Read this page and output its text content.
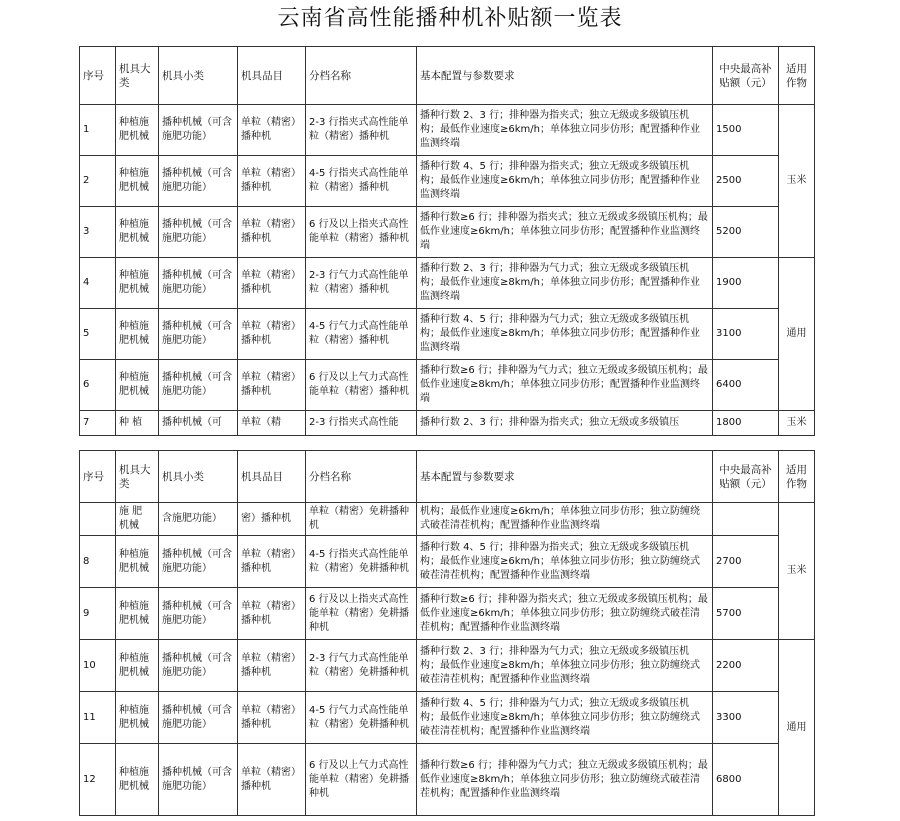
云南省高性能播种机补贴额一览表
序号	机具大类	机具小类	机具品目	分档名称	基本配置与参数要求	中央最高补贴额（元）	适用作物
1	种植施肥机械	播种机械（可含施肥功能）	单粒（精密）播种机	2-3 行指夹式高性能单粒（精密）播种机	播种行数 2、3 行；排种器为指夹式；独立无级或多级镇压机构；最低作业速度≥6km/h；单体独立同步仿形；配置播种作业监测终端	1500	玉米
2	种植施肥机械	播种机械（可含施肥功能）	单粒（精密）播种机	4-5 行指夹式高性能单粒（精密）播种机	播种行数 4、5 行；排种器为指夹式；独立无级或多级镇压机构；最低作业速度≥6km/h；单体独立同步仿形；配置播种作业监测终端	2500	
3	种植施肥机械	播种机械（可含施肥功能）	单粒（精密）播种机	6 行及以上指夹式高性能单粒（精密）播种机	播种行数≥6 行；排种器为指夹式；独立无级或多级镇压机构；最低作业速度≥6km/h；单体独立同步仿形；配置播种作业监测终端	5200	
4	种植施肥机械	播种机械（可含施肥功能）	单粒（精密）播种机	2-3 行气力式高性能单粒（精密）播种机	播种行数 2、3 行；排种器为气力式；独立无级或多级镇压机构；最低作业速度≥8km/h；单体独立同步仿形；配置播种作业监测终端	1900	通用
5	种植施肥机械	播种机械（可含施肥功能）	单粒（精密）播种机	4-5 行气力式高性能单粒（精密）播种机	播种行数 4、5 行；排种器为气力式；独立无级或多级镇压机构；最低作业速度≥8km/h；单体独立同步仿形；配置播种作业监测终端	3100	
6	种植施肥机械	播种机械（可含施肥功能）	单粒（精密）播种机	6 行及以上气力式高性能单粒（精密）播种机	播种行数≥6 行；排种器为气力式；独立无级或多级镇压机构；最低作业速度≥8km/h；单体独立同步仿形；配置播种作业监测终端	6400	
7	种 植	播种机械（可	单粒（精	2-3 行指夹式高性能	播种行数 2、3 行；排种器为指夹式；独立无级或多级镇压	1800	玉米
序号	机具大类	机具小类	机具品目	分档名称	基本配置与参数要求	中央最高补贴额（元）	适用作物
	施 肥 机械	含施肥功能）	密）播种机	单粒（精密）免耕播种机	机构；最低作业速度≥6km/h；单体独立同步仿形；独立防缠绕式破茬清茬机构；配置播种作业监测终端		玉米
8	种植施肥机械	播种机械（可含施肥功能）	单粒（精密）播种机	4-5 行指夹式高性能单粒（精密）免耕播种机	播种行数 4、5 行；排种器为指夹式；独立无级或多级镇压机构；最低作业速度≥6km/h；单体独立同步仿形；独立防缠绕式破茬清茬机构；配置播种作业监测终端	2700	
9	种植施肥机械	播种机械（可含施肥功能）	单粒（精密）播种机	6 行及以上指夹式高性能单粒（精密）免耕播种机	播种行数≥6 行；排种器为指夹式；独立无级或多级镇压机构；最低作业速度≥6km/h；单体独立同步仿形；独立防缠绕式破茬清茬机构；配置播种作业监测终端	5700	
10	种植施肥机械	播种机械（可含施肥功能）	单粒（精密）播种机	2-3 行气力式高性能单粒（精密）免耕播种机	播种行数 2、3 行；排种器为气力式；独立无级或多级镇压机构；最低作业速度≥8km/h；单体独立同步仿形；独立防缠绕式破茬清茬机构；配置播种作业监测终端	2200	通用
11	种植施肥机械	播种机械（可含施肥功能）	单粒（精密）播种机	4-5 行气力式高性能单粒（精密）免耕播种机	播种行数 4、5 行；排种器为气力式；独立无级或多级镇压机构；最低作业速度≥8km/h；单体独立同步仿形；独立防缠绕式破茬清茬机构；配置播种作业监测终端	3300	
12	种植施肥机械	播种机械（可含施肥功能）	单粒（精密）播种机	6 行及以上气力式高性能单粒（精密）免耕播种机	播种行数≥6 行；排种器为气力式；独立无级或多级镇压机构；最低作业速度≥8km/h；单体独立同步仿形；独立防缠绕式破茬清茬机构；配置播种作业监测终端	6800	
